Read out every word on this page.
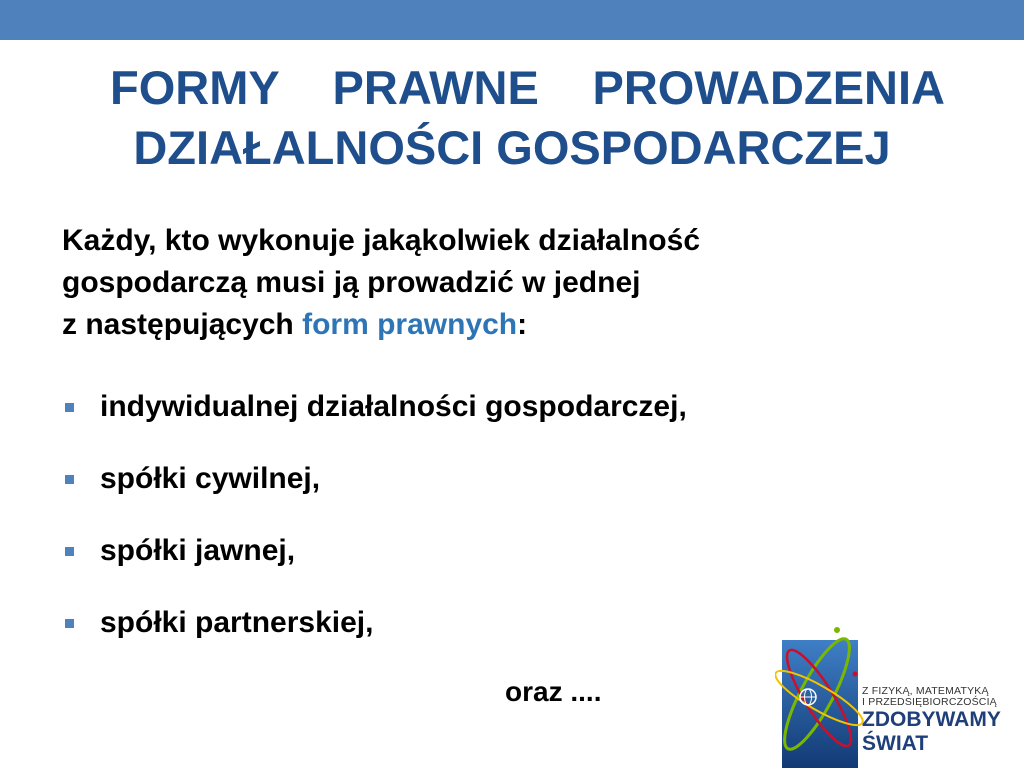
FORMY PRAWNE PROWADZENIA
DZIAŁALNOŚCI GOSPODARCZEJ
Każdy, kto wykonuje jakąkolwiek działalność
gospodarczą musi ją prowadzić w jednej
z następujących form prawnych:
indywidualnej działalności gospodarczej,
spółki cywilnej,
spółki jawnej,
spółki partnerskiej,
oraz ....	Z FIZYKĄ, MATEMATYKĄ
I PRZEDSIĘBIORCZOŚCIĄ
ZDOBYWAMY
ŚWIAT
